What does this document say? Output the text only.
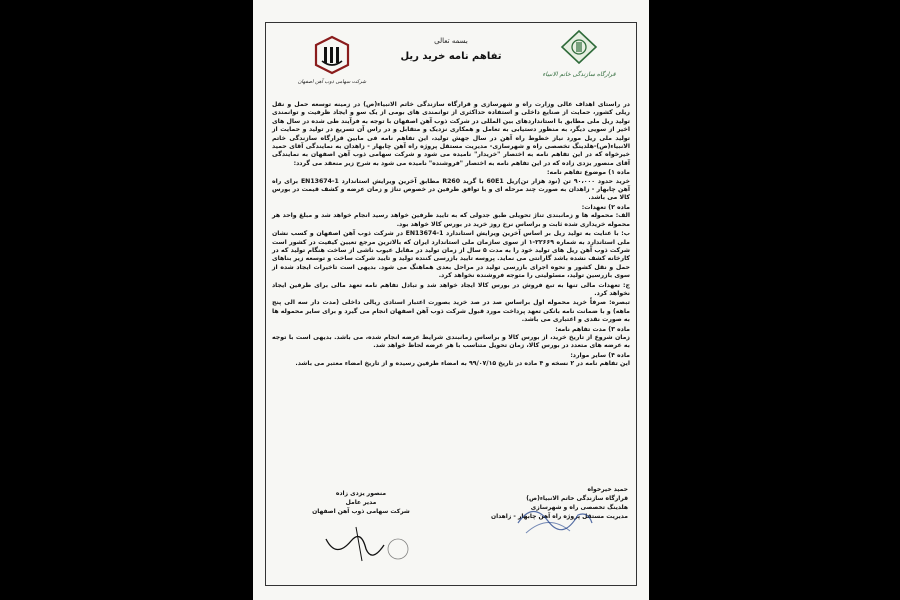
شرکت سهامی ذوب آهن اصفهان
بسمه تعالی
تفاهم نامه خرید ریل
قرارگاه سازندگی خاتم الانبیاء

در راستای اهداف عالی وزارت راه و شهرسازی و قرارگاه سازندگی خاتم الانبیاء(ص) در زمینه توسعه حمل و نقل ریلی کشور، حمایت از صنایع داخلی و استفاده حداکثری از توانمندی های بومی از یک سو و ایجاد ظرفیت و توانمندی تولید ریل ملی مطابق با استانداردهای بین المللی در شرکت ذوب آهن اصفهان با توجه به فرآیند طی شده در سال های اخیر از سویی دیگر، به منظور دستیابی به تعامل و همکاری نزدیک و متقابل و در راس آن تسریع در تولید و حمایت از تولید ملی ریل مورد نیاز خطوط راه آهن در سال جهش تولید، این تفاهم نامه فی مابین قرارگاه سازندگی خاتم الانبیاء(ص)-هلدینگ تخصصی راه و شهرسازی- مدیریت مستقل پروژه راه آهن چابهار - زاهدان به نمایندگی آقای حمید خیرخواه که در این تفاهم نامه به اختصار "خریدار" نامیده می شود و شرکت سهامی ذوب آهن اصفهان به نمایندگی آقای منصور یزدی زاده که در این تفاهم نامه به اختصار "فروشنده" نامیده می شود به شرح زیر منعقد می گردد:

ماده ۱) موضوع تفاهم نامه:

خرید حدود ۹۰،۰۰۰ تن (نود هزار تن)ریل 60E1 با گرید R260 مطابق آخرین ویرایش استاندارد EN13674-1 برای راه آهن چابهار - زاهدان به صورت چند مرحله ای و با توافق طرفین در خصوص تناژ و زمان عرضه و کشف قیمت در بورس کالا می باشد.

ماده ۲) تعهدات:

الف: محموله ها و زمانبندی تناژ تحویلی طبق جدولی که به تایید طرفین خواهد رسید انجام خواهد شد و مبلغ واحد هر محموله خریداری شده ثابت و براساس نرخ روز خرید در بورس کالا خواهد بود.

ب: با عنایت به تولید ریل بر اساس آخرین ویرایش استاندارد EN13674-1 در شرکت ذوب آهن اصفهان و کسب نشان ملی استاندارد به شماره ۲۲۶۶۹-۱ از سوی سازمان ملی استاندارد ایران که بالاترین مرجع تعیین کیفیت در کشور است شرکت ذوب آهن ریل های تولید خود را به مدت ۵ سال از زمان تولید در مقابل عیوب ناشی از ساخت هنگام تولید که در کارخانه کشف نشده باشد گارانتی می نماید. پروسه تایید بازرسی کننده تولید و تایید شرکت ساخت و توسعه زیر بناهای حمل و نقل کشور و نحوه اجرای بازرسی تولید در مراحل بعدی هماهنگ می شود. بدیهی است تاخیرات ایجاد شده از سوی بازرسین تولید، مسئولیتی را متوجه فروشنده نخواهد کرد.

ج: تعهدات مالی تنها به تبع فروش در بورس کالا ایجاد خواهد شد و تبادل تفاهم نامه تعهد مالی برای طرفین ایجاد نخواهد کرد.

تبصره: صرفاً خرید محموله اول براساس صد در صد خرید بصورت اعتبار اسنادی ریالی داخلی (مدت دار سه الی پنج ماهه) و با ضمانت نامه بانکی تعهد پرداخت مورد قبول شرکت ذوب آهن اصفهان انجام می گیرد و برای سایر محموله ها به صورت نقدی و اعتباری می باشد.

ماده ۳) مدت تفاهم نامه:

زمان شروع از تاریخ خرید، از بورس کالا و براساس زمانبندی شرایط عرضه انجام شده، می باشد. بدیهی است با توجه به عرضه های متعدد در بورس کالا، زمان تحویل متناسب با هر عرضه لحاظ خواهد شد.

ماده ۴) سایر موارد:

این تفاهم نامه در ۲ نسخه و ۴ ماده در تاریخ ۹۹/۰۷/۱۵ به امضاء طرفین رسیده و از تاریخ امضاء معتبر می باشد.

حمید خیرخواه
قرارگاه سازندگی خاتم الانبیاء(ص)
هلدینگ تخصصی راه و شهرسازی
مدیریت مستقل پروژه راه آهن چابهار - زاهدان
منصور یزدی زاده
مدیر عامل
شرکت سهامی ذوب آهن اصفهان
